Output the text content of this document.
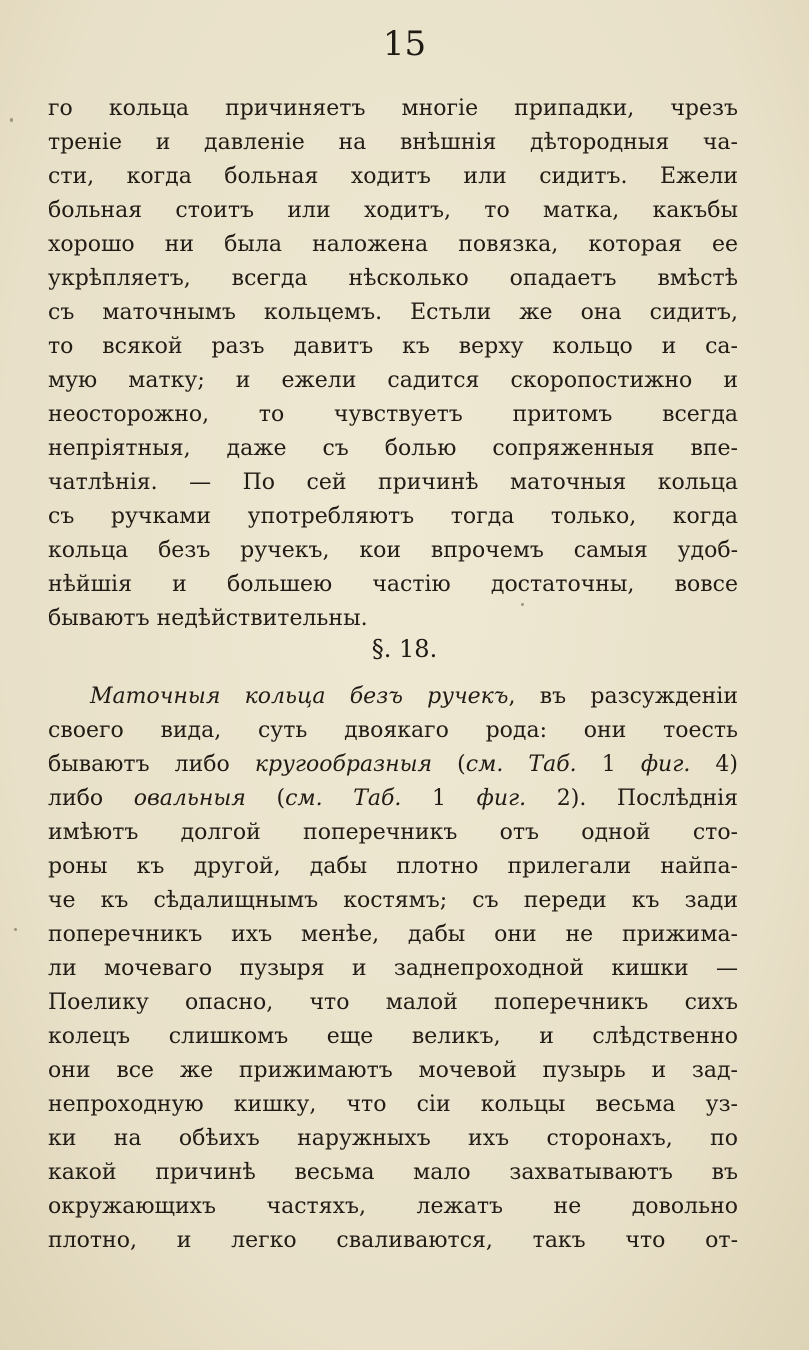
15
го кольца причиняетъ многіе припадки, чрезъ
треніе и давленіе на внѣшнія дѣтородныя ча-
сти, когда больная ходитъ или сидитъ. Ежели
больная стоитъ или ходитъ, то матка, какъбы
хорошо ни была наложена повязка, которая ее
укрѣпляетъ, всегда нѣсколько опадаетъ вмѣстѣ
съ маточнымъ кольцемъ. Естьли же она сидитъ,
то всякой разъ давитъ къ верху кольцо и са-
мую матку; и ежели садится скоропостижно и
неосторожно, то чувствуетъ притомъ всегда
непріятныя, даже съ болью сопряженныя впе-
чатлѣнія. — По сей причинѣ маточныя кольца
съ ручками употребляютъ тогда только, когда
кольца безъ ручекъ, кои впрочемъ самыя удоб-
нѣйшія и большею частію достаточны, вовсе
бываютъ недѣйствительны.
§. 18.
Маточныя кольца безъ ручекъ, въ разсужденіи
своего вида, суть двоякаго рода: они тоесть
бываютъ либо кругообразныя (см. Таб. 1 фиг. 4)
либо овальныя (см. Таб. 1 фиг. 2). Послѣднія
имѣютъ долгой поперечникъ отъ одной сто-
роны къ другой, дабы плотно прилегали найпа-
че къ сѣдалищнымъ костямъ; съ переди къ зади
поперечникъ ихъ менѣе, дабы они не прижима-
ли мочеваго пузыря и заднепроходной кишки —
Поелику опасно, что малой поперечникъ сихъ
колецъ слишкомъ еще великъ, и слѣдственно
они все же прижимаютъ мочевой пузырь и зад-
непроходную кишку, что сіи кольцы весьма уз-
ки на обѣихъ наружныхъ ихъ сторонахъ, по
какой причинѣ весьма мало захватываютъ въ
окружающихъ частяхъ, лежатъ не довольно
плотно, и легко сваливаются, такъ что от-
